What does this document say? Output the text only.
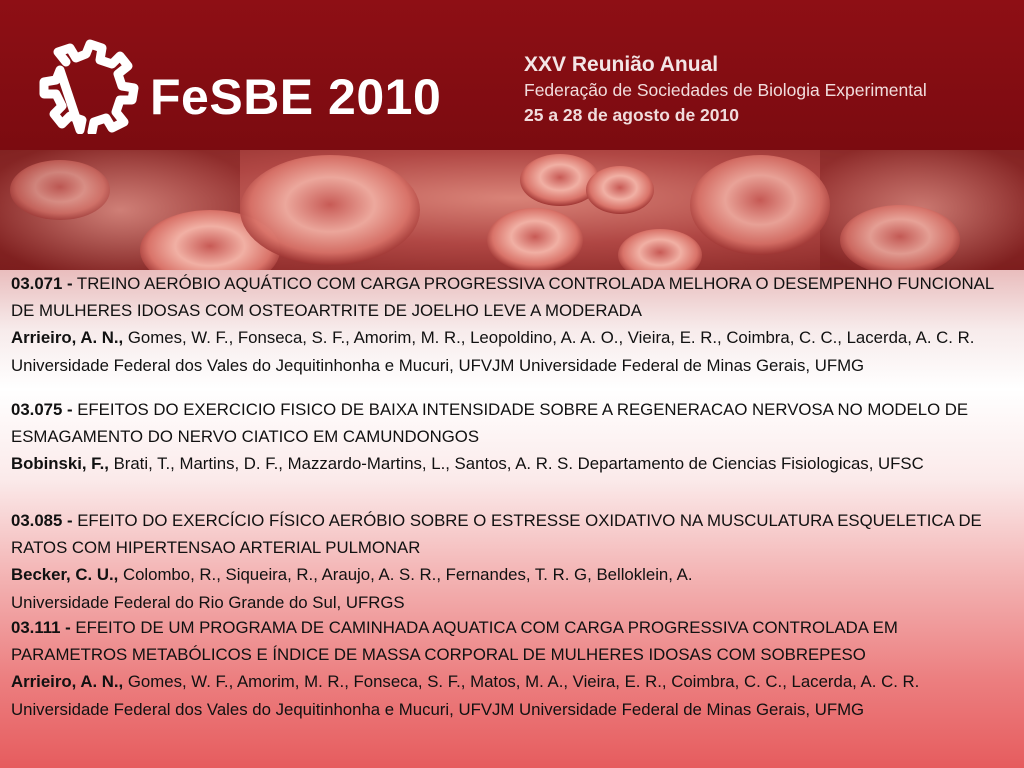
FeSBE 2010
XXV Reunião Anual
Federação de Sociedades de Biologia Experimental
25 a 28 de agosto de 2010
03.071 - TREINO AERÓBIO AQUÁTICO COM CARGA PROGRESSIVA CONTROLADA MELHORA O DESEMPENHO FUNCIONAL DE MULHERES IDOSAS COM OSTEOARTRITE DE JOELHO LEVE A MODERADA
Arrieiro, A. N., Gomes, W. F., Fonseca, S. F., Amorim, M. R., Leopoldino, A. A. O., Vieira, E. R., Coimbra, C. C., Lacerda, A. C. R. Universidade Federal dos Vales do Jequitinhonha e Mucuri, UFVJM Universidade Federal de Minas Gerais, UFMG
03.075 - EFEITOS DO EXERCICIO FISICO DE BAIXA INTENSIDADE SOBRE A REGENERACAO NERVOSA NO MODELO DE ESMAGAMENTO DO NERVO CIATICO EM CAMUNDONGOS
Bobinski, F., Brati, T., Martins, D. F., Mazzardo-Martins, L., Santos, A. R. S. Departamento de Ciencias Fisiologicas, UFSC
03.085 - EFEITO DO EXERCÍCIO FÍSICO AERÓBIO SOBRE O ESTRESSE OXIDATIVO NA MUSCULATURA ESQUELETICA DE RATOS COM HIPERTENSAO ARTERIAL PULMONAR
Becker, C. U., Colombo, R., Siqueira, R., Araujo, A. S. R., Fernandes, T. R. G, Belloklein, A.
Universidade Federal do Rio Grande do Sul, UFRGS
03.111 - EFEITO DE UM PROGRAMA DE CAMINHADA AQUATICA COM CARGA PROGRESSIVA CONTROLADA EM PARAMETROS METABÓLICOS E ÍNDICE DE MASSA CORPORAL DE MULHERES IDOSAS COM SOBREPESO
Arrieiro, A. N., Gomes, W. F., Amorim, M. R., Fonseca, S. F., Matos, M. A., Vieira, E. R., Coimbra, C. C., Lacerda, A. C. R.
Universidade Federal dos Vales do Jequitinhonha e Mucuri, UFVJM Universidade Federal de Minas Gerais, UFMG
